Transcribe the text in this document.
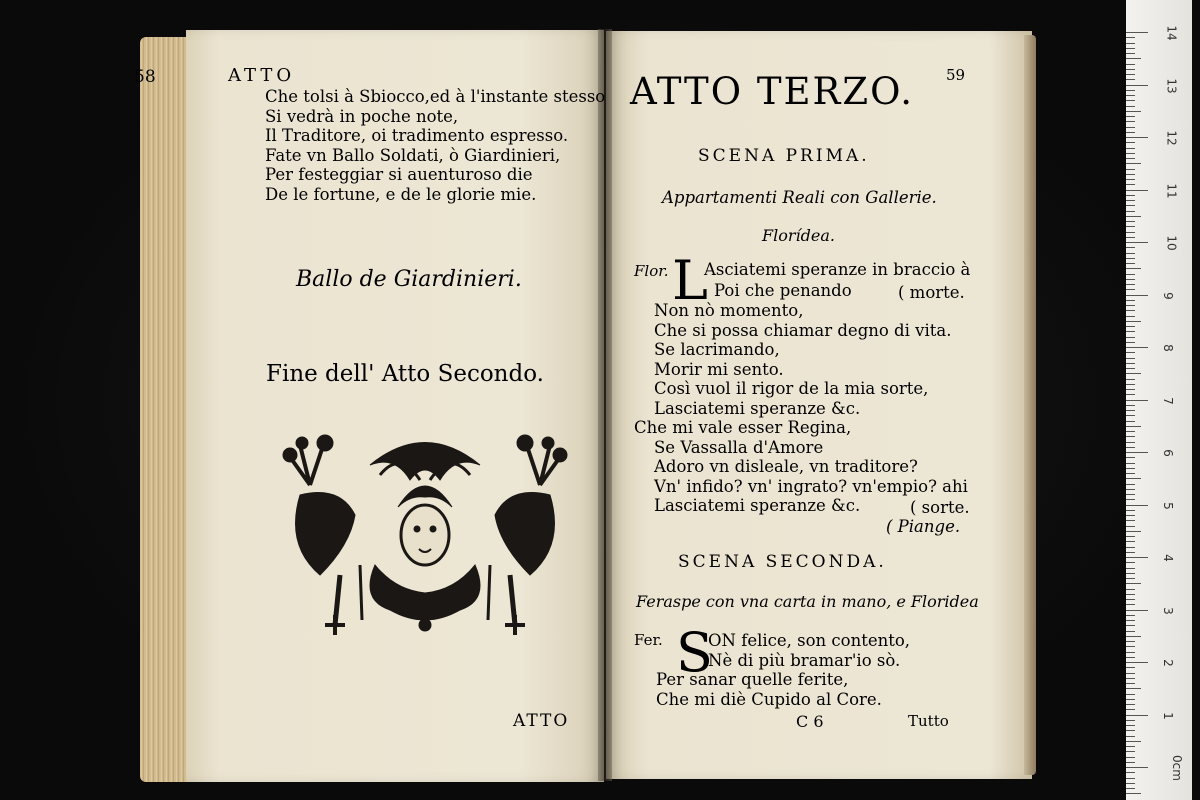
58	ATTO
Che tolsi à Sbiocco,ed à l'instante stesso
Si vedrà in poche note,
Il Traditore, oi tradimento espresso.
Fate vn Ballo Soldati, ò Giardinieri,
Per festeggiar si auenturoso die
De le fortune, e de le glorie mie.
Ballo de Giardinieri.
Fine dell' Atto Secondo.
ATTO
59
ATTO TERZO.
SCENA PRIMA.
Appartamenti Reali con Gallerie.
Florídea.
Flor. L
Asciatemi speranze in braccio à
Poi che penando	( morte.
Non nò momento,
Che si possa chiamar degno di vita.
Se lacrimando,
Morir mi sento.
Così vuol il rigor de la mia sorte,
Lasciatemi speranze &c.
Che mi vale esser Regina,
Se Vassalla d'Amore
Adoro vn disleale, vn traditore?
Vn' infido? vn' ingrato? vn'empio? ahi
Lasciatemi speranze &c.	( sorte.
( Piange.
SCENA SECONDA.
Feraspe con vna carta in mano, e Floridea
Fer. S
ON felice, son contento,
Nè di più bramar'io sò.
Per sanar quelle ferite,
Che mi diè Cupido al Core.
C 6	Tutto
14
13
12
11
10
9
8
7
6
5
4
3
2
1
0cm
